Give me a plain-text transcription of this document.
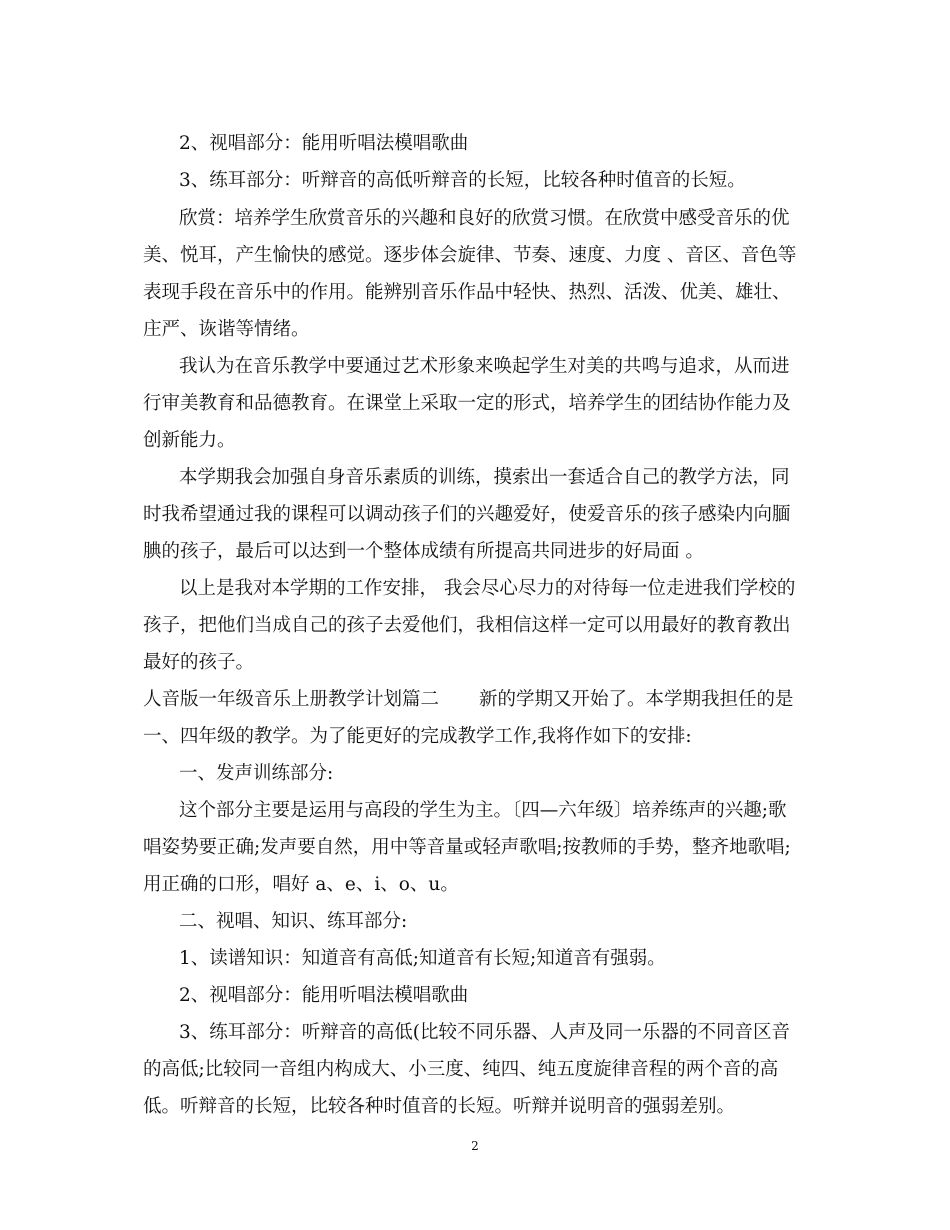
2、视唱部分：能用听唱法模唱歌曲
3、练耳部分：听辩音的高低听辩音的长短，比较各种时值音的长短。
欣赏：培养学生欣赏音乐的兴趣和良好的欣赏习惯。在欣赏中感受音乐的优
美、悦耳，产生愉快的感觉。逐步体会旋律、节奏、速度、力度 、音区、音色等
表现手段在音乐中的作用。能辨别音乐作品中轻快、热烈、活泼、优美、雄壮、
庄严、诙谐等情绪。
我认为在音乐教学中要通过艺术形象来唤起学生对美的共鸣与追求，从而进
行审美教育和品德教育。在课堂上采取一定的形式，培养学生的团结协作能力及
创新能力。
本学期我会加强自身音乐素质的训练，摸索出一套适合自己的教学方法，同
时我希望通过我的课程可以调动孩子们的兴趣爱好，使爱音乐的孩子感染内向腼
腆的孩子，最后可以达到一个整体成绩有所提高共同进步的好局面 。
以上是我对本学期的工作安排， 我会尽心尽力的对待每一位走进我们学校的
孩子，把他们当成自己的孩子去爱他们，我相信这样一定可以用最好的教育教出
最好的孩子。
人音版一年级音乐上册教学计划篇二 新的学期又开始了。本学期我担任的是
一、四年级的教学。为了能更好的完成教学工作,我将作如下的安排:
一、发声训练部分:
这个部分主要是运用与高段的学生为主。〔四—六年级〕培养练声的兴趣;歌
唱姿势要正确;发声要自然，用中等音量或轻声歌唱;按教师的手势，整齐地歌唱;
用正确的口形，唱好 a、e、i、o、u。
二、视唱、知识、练耳部分:
1、读谱知识：知道音有高低;知道音有长短;知道音有强弱。
2、视唱部分：能用听唱法模唱歌曲
3、练耳部分：听辩音的高低(比较不同乐器、人声及同一乐器的不同音区音
的高低;比较同一音组内构成大、小三度、纯四、纯五度旋律音程的两个音的高
低。听辩音的长短，比较各种时值音的长短。听辩并说明音的强弱差别。
2
